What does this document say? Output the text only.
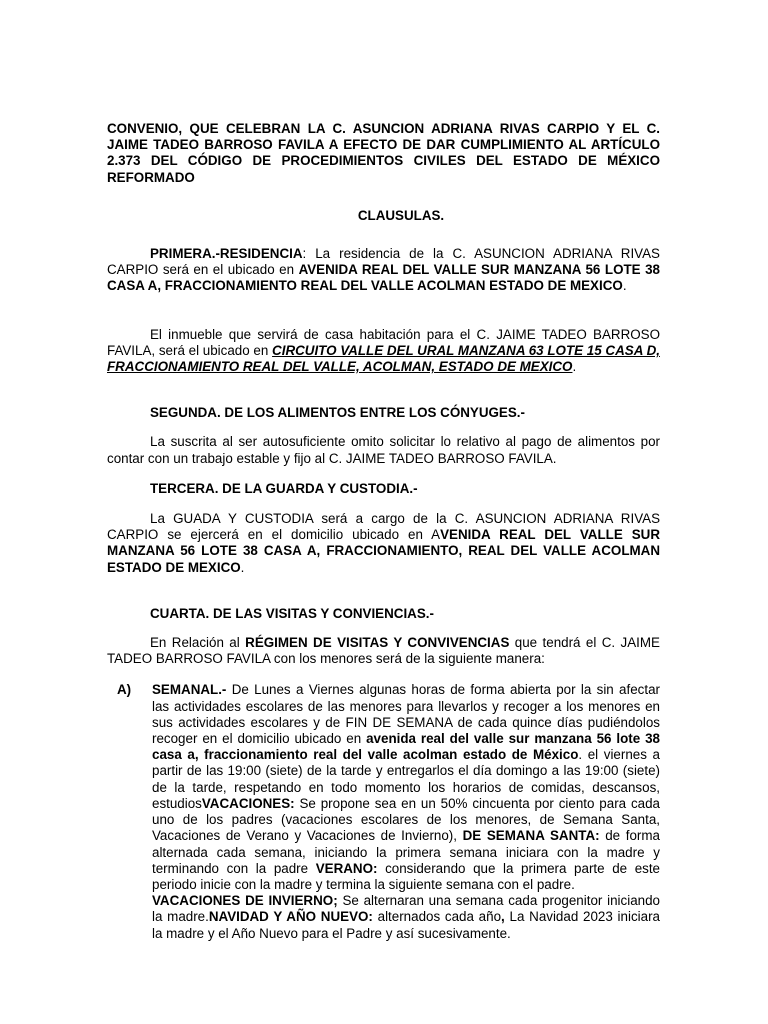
CONVENIO, QUE CELEBRAN LA C. ASUNCION ADRIANA RIVAS CARPIO Y EL C. JAIME TADEO BARROSO FAVILA A EFECTO DE DAR CUMPLIMIENTO AL ARTÍCULO 2.373 DEL CÓDIGO DE PROCEDIMIENTOS CIVILES DEL ESTADO DE MÉXICO REFORMADO

CLAUSULAS.

PRIMERA.-RESIDENCIA: La residencia de la C. ASUNCION ADRIANA RIVAS CARPIO será en el ubicado en AVENIDA REAL DEL VALLE SUR MANZANA 56 LOTE 38 CASA A, FRACCIONAMIENTO REAL DEL VALLE ACOLMAN ESTADO DE MEXICO.

El inmueble que servirá de casa habitación para el C. JAIME TADEO BARROSO FAVILA, será el ubicado en CIRCUITO VALLE DEL URAL MANZANA 63 LOTE 15 CASA D, FRACCIONAMIENTO REAL DEL VALLE, ACOLMAN, ESTADO DE MEXICO.

SEGUNDA. DE LOS ALIMENTOS ENTRE LOS CÓNYUGES.-

La suscrita al ser autosuficiente omito solicitar lo relativo al pago de alimentos por contar con un trabajo estable y fijo al C. JAIME TADEO BARROSO FAVILA.

TERCERA. DE LA GUARDA Y CUSTODIA.-

La GUADA Y CUSTODIA será a cargo de la C. ASUNCION ADRIANA RIVAS CARPIO se ejercerá en el domicilio ubicado en AVENIDA REAL DEL VALLE SUR MANZANA 56 LOTE 38 CASA A, FRACCIONAMIENTO, REAL DEL VALLE ACOLMAN ESTADO DE MEXICO.

CUARTA. DE LAS VISITAS Y CONVIENCIAS.-

En Relación al RÉGIMEN DE VISITAS Y CONVIVENCIAS que tendrá el C. JAIME TADEO BARROSO FAVILA con los menores será de la siguiente manera:

A) SEMANAL.- De Lunes a Viernes algunas horas de forma abierta por la sin afectar las actividades escolares de las menores para llevarlos y recoger a los menores en sus actividades escolares y de FIN DE SEMANA de cada quince días pudiéndolos recoger en el domicilio ubicado en avenida real del valle sur manzana 56 lote 38 casa a, fraccionamiento real del valle acolman estado de México. el viernes a partir de las 19:00 (siete) de la tarde y entregarlos el día domingo a las 19:00 (siete) de la tarde, respetando en todo momento los horarios de comidas, descansos, estudiosVACACIONES: Se propone sea en un 50% cincuenta por ciento para cada uno de los padres (vacaciones escolares de los menores, de Semana Santa, Vacaciones de Verano y Vacaciones de Invierno), DE SEMANA SANTA: de forma alternada cada semana, iniciando la primera semana iniciara con la madre y terminando con la padre VERANO: considerando que la primera parte de este periodo inicie con la madre y termina la siguiente semana con el padre.
VACACIONES DE INVIERNO; Se alternaran una semana cada progenitor iniciando la madre.NAVIDAD Y AÑO NUEVO: alternados cada año, La Navidad 2023 iniciara la madre y el Año Nuevo para el Padre y así sucesivamente.
